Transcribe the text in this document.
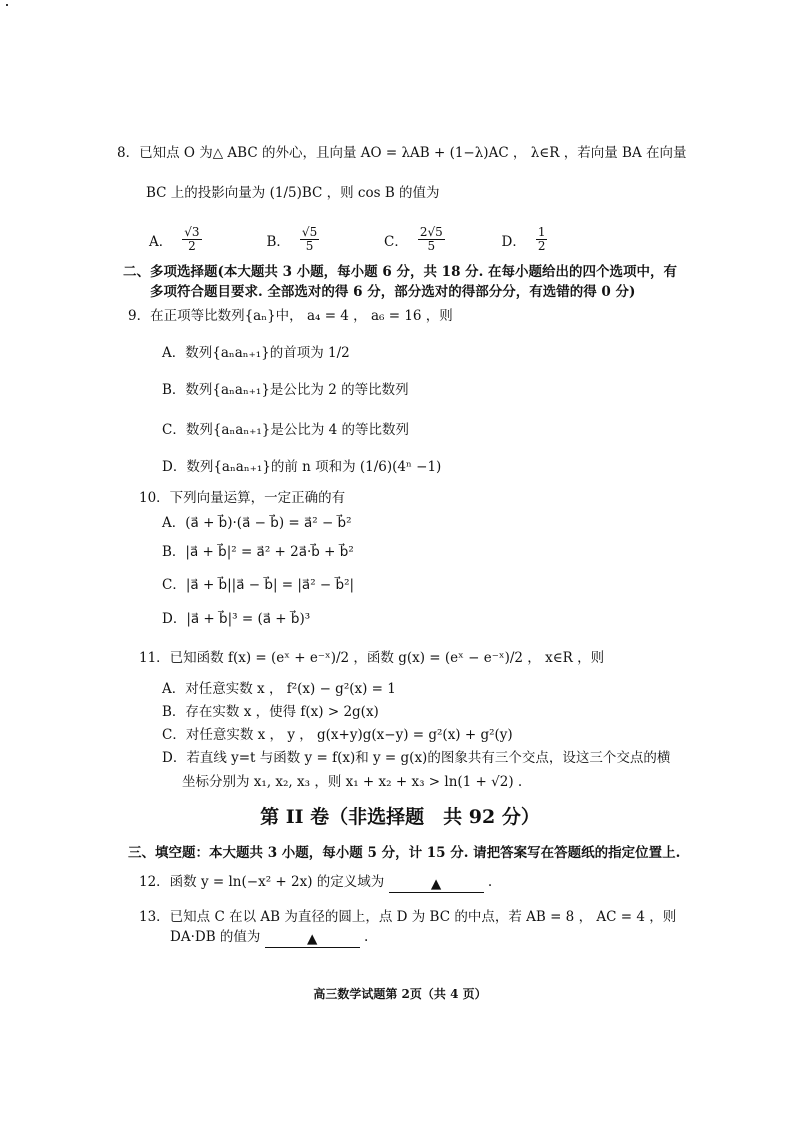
8．已知点 O 为△ ABC 的外心，且向量 AO = λAB + (1−λ)AC ， λ∈R ，若向量 BA 在向量
BC 上的投影向量为 (1/5)BC ，则 cos B 的值为
A． $\frac{√3}{2}$	B． $\frac{√5}{5}$	C． $\frac{2√5}{5}$	D． $\frac{1}{2}$
二、多项选择题(本大题共 3 小题，每小题 6 分，共 18 分. 在每小题给出的四个选项中，有
多项符合题目要求. 全部选对的得 6 分，部分选对的得部分分，有选错的得 0 分)
9．在正项等比数列{aₙ}中， a₄ = 4 ， a₆ = 16 ，则
A．数列{aₙaₙ₊₁}的首项为 1/2
B．数列{aₙaₙ₊₁}是公比为 2 的等比数列
C．数列{aₙaₙ₊₁}是公比为 4 的等比数列
D．数列{aₙaₙ₊₁}的前 n 项和为 (1/6)(4ⁿ −1)
10．下列向量运算，一定正确的有
A．(a⃗ + b⃗)·(a⃗ − b⃗) = a⃗² − b⃗²
B．|a⃗ + b⃗|² = a⃗² + 2a⃗·b⃗ + b⃗²
C．|a⃗ + b⃗||a⃗ − b⃗| = |a⃗² − b⃗²|
D．|a⃗ + b⃗|³ = (a⃗ + b⃗)³
11．已知函数 f(x) = (eˣ + e⁻ˣ)/2 ，函数 g(x) = (eˣ − e⁻ˣ)/2 ， x∈R ，则
A．对任意实数 x ， f²(x) − g²(x) = 1
B．存在实数 x ，使得 f(x) > 2g(x)
C．对任意实数 x ， y ， g(x+y)g(x−y) = g²(x) + g²(y)
D．若直线 y=t 与函数 y = f(x)和 y = g(x)的图象共有三个交点，设这三个交点的横
坐标分别为 x₁, x₂, x₃ ，则 x₁ + x₂ + x₃ > ln(1 + √2) .
第 II 卷（非选择题　共 92 分）
三、填空题：本大题共 3 小题，每小题 5 分，计 15 分. 请把答案写在答题纸的指定位置上.
12．函数 y = ln(−x² + 2x) 的定义域为	▲	.
13．已知点 C 在以 AB 为直径的圆上，点 D 为 BC 的中点，若 AB = 8 ， AC = 4 ，则
DA·DB 的值为	▲	.
高三数学试题第 2页（共 4 页）
